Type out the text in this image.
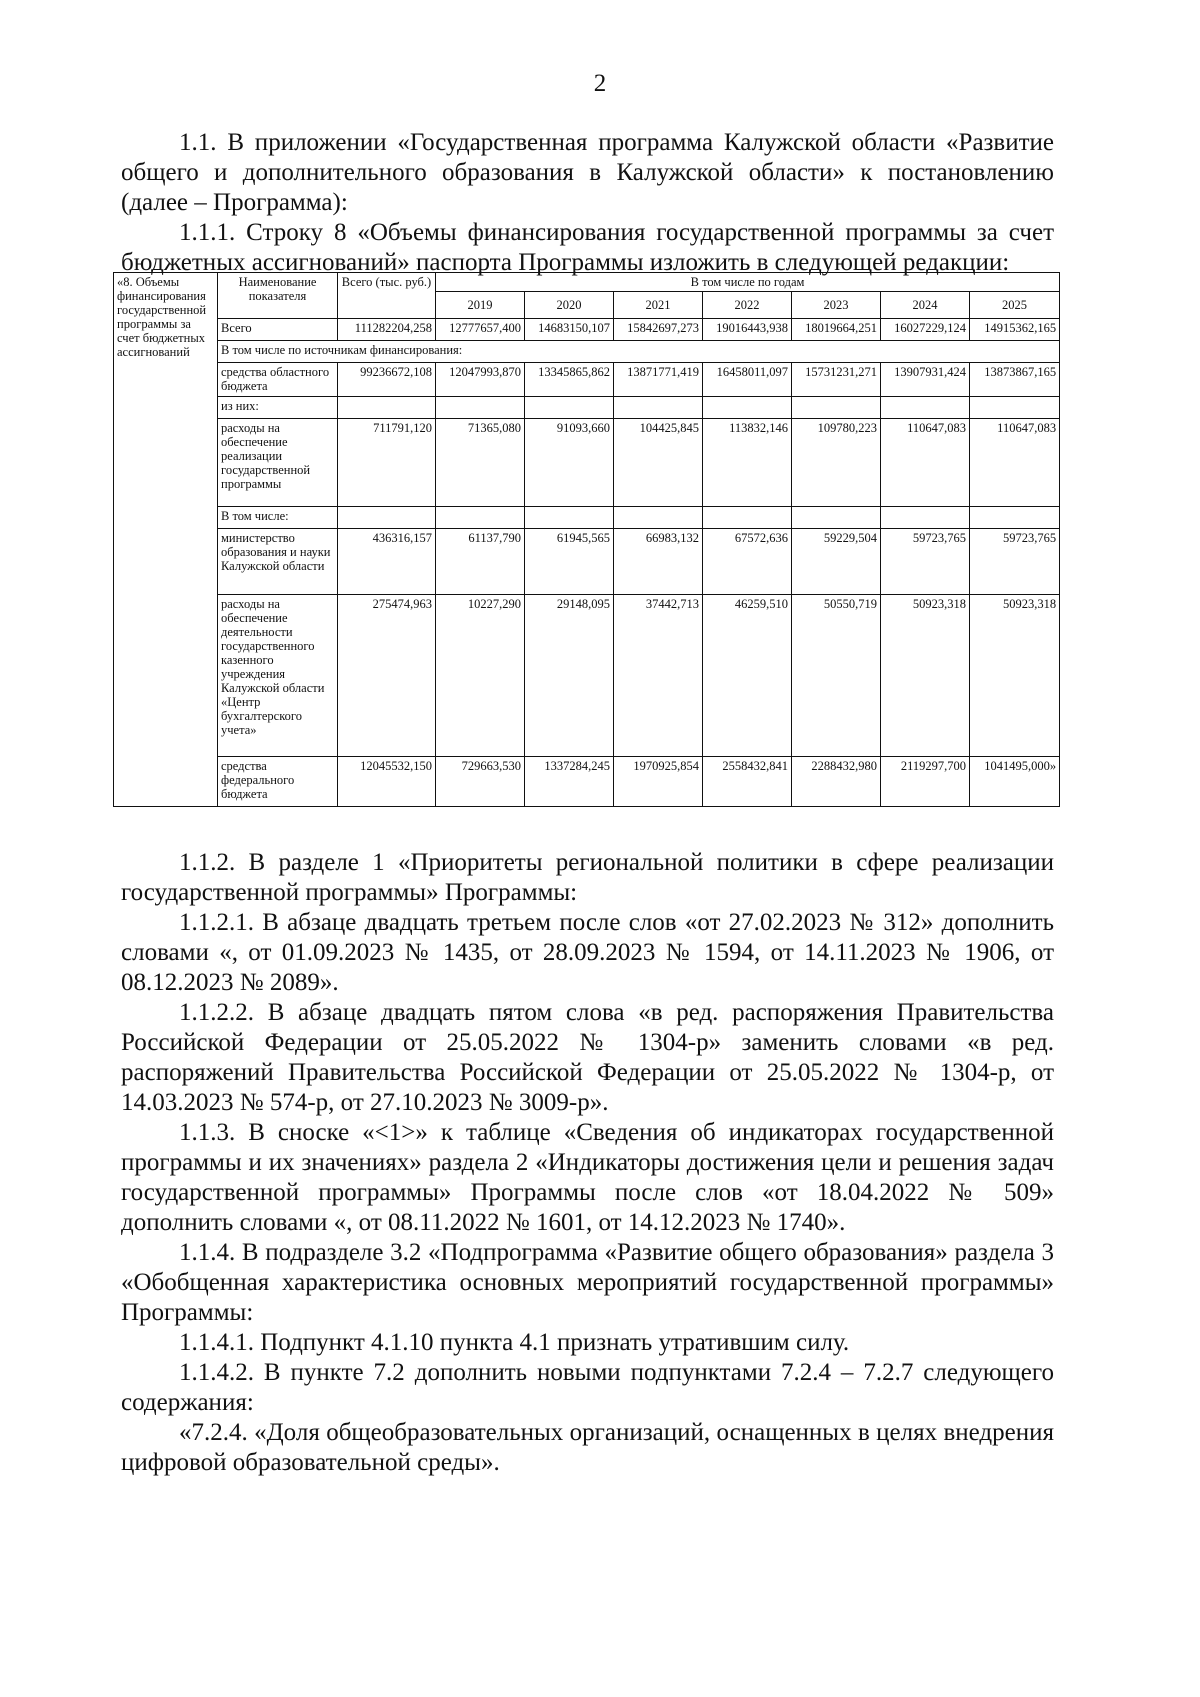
2

1.1. В приложении «Государственная программа Калужской области «Развитие общего и дополнительного образования в Калужской области» к постановлению (далее – Программа):

1.1.1. Строку 8 «Объемы финансирования государственной программы за счет бюджетных ассигнований» паспорта Программы изложить в следующей редакции:

«8. Объемы финансирования государственной программы за счет бюджетных ассигнований	Наименование показателя	Всего (тыс. руб.)	В том числе по годам						
			2019	2020	2021	2022	2023	2024	2025
	Всего	111282204,258	12777657,400	14683150,107	15842697,273	19016443,938	18019664,251	16027229,124	14915362,165
	В том числе по источникам финансирования:								
	средства областного бюджета	99236672,108	12047993,870	13345865,862	13871771,419	16458011,097	15731231,271	13907931,424	13873867,165
	из них:								
	расходы на обеспечение реализации государственной программы	711791,120	71365,080	91093,660	104425,845	113832,146	109780,223	110647,083	110647,083
	В том числе:								
	министерство образования и науки Калужской области	436316,157	61137,790	61945,565	66983,132	67572,636	59229,504	59723,765	59723,765
	расходы на обеспечение деятельности государственного казенного учреждения Калужской области «Центр бухгалтерского учета»	275474,963	10227,290	29148,095	37442,713	46259,510	50550,719	50923,318	50923,318
	средства федерального бюджета	12045532,150	729663,530	1337284,245	1970925,854	2558432,841	2288432,980	2119297,700	1041495,000»

1.1.2. В разделе 1 «Приоритеты региональной политики в сфере реализации государственной программы» Программы:

1.1.2.1. В абзаце двадцать третьем после слов «от 27.02.2023 № 312» дополнить словами «, от 01.09.2023 № 1435, от 28.09.2023 № 1594, от 14.11.2023 № 1906, от 08.12.2023 № 2089».

1.1.2.2. В абзаце двадцать пятом слова «в ред. распоряжения Правительства Российской Федерации от 25.05.2022 № 1304-р» заменить словами «в ред. распоряжений Правительства Российской Федерации от 25.05.2022 № 1304-р, от 14.03.2023 № 574-р, от 27.10.2023 № 3009-р».

1.1.3. В сноске «<1>» к таблице «Сведения об индикаторах государственной программы и их значениях» раздела 2 «Индикаторы достижения цели и решения задач государственной программы» Программы после слов «от 18.04.2022 № 509» дополнить словами «, от 08.11.2022 № 1601, от 14.12.2023 № 1740».

1.1.4. В подразделе 3.2 «Подпрограмма «Развитие общего образования» раздела 3 «Обобщенная характеристика основных мероприятий государственной программы» Программы:

1.1.4.1. Подпункт 4.1.10 пункта 4.1 признать утратившим силу.

1.1.4.2. В пункте 7.2 дополнить новыми подпунктами 7.2.4 – 7.2.7 следующего содержания:

«7.2.4. «Доля общеобразовательных организаций, оснащенных в целях внедрения цифровой образовательной среды».
